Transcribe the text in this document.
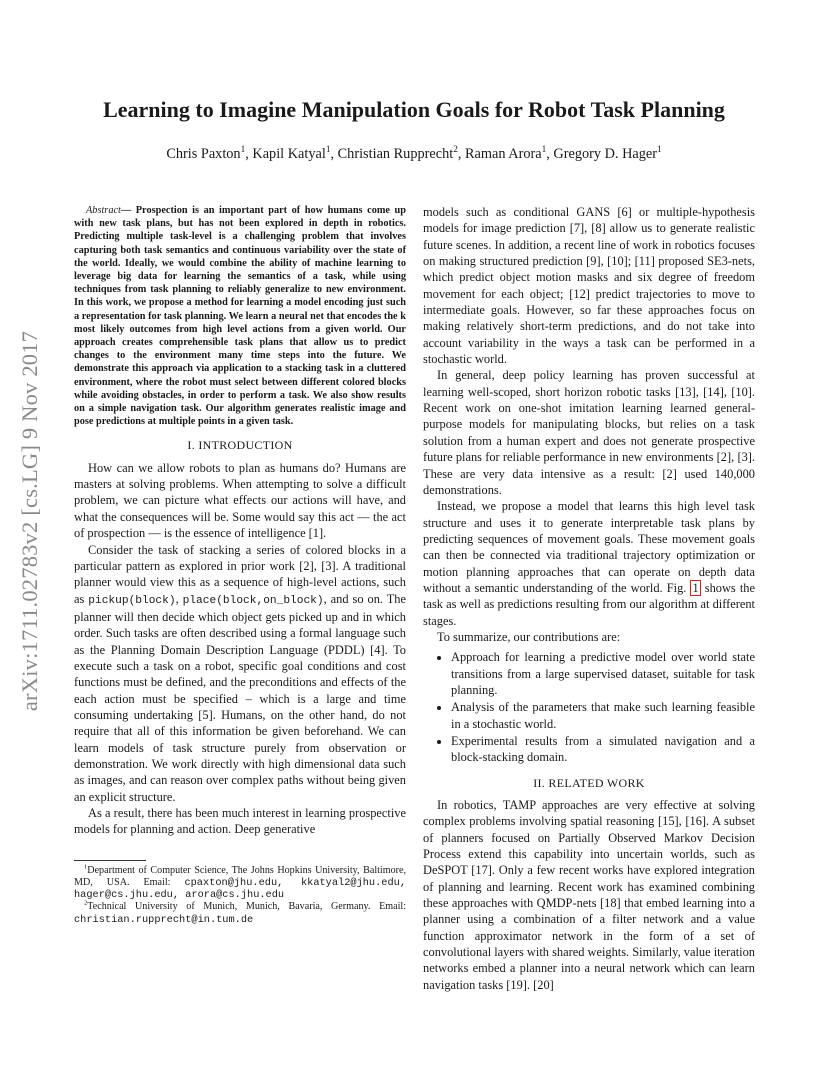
arXiv:1711.02783v2 [cs.LG] 9 Nov 2017
Learning to Imagine Manipulation Goals for Robot Task Planning
Chris Paxton$^1$, Kapil Katyal$^1$, Christian Rupprecht$^2$, Raman Arora$^1$, Gregory D. Hager$^1$

Abstract— Prospection is an important part of how humans come up with new task plans, but has not been explored in depth in robotics. Predicting multiple task-level is a challenging problem that involves capturing both task semantics and continuous variability over the state of the world. Ideally, we would combine the ability of machine learning to leverage big data for learning the semantics of a task, while using techniques from task planning to reliably generalize to new environment. In this work, we propose a method for learning a model encoding just such a representation for task planning. We learn a neural net that encodes the k most likely outcomes from high level actions from a given world. Our approach creates comprehensible task plans that allow us to predict changes to the environment many time steps into the future. We demonstrate this approach via application to a stacking task in a cluttered environment, where the robot must select between different colored blocks while avoiding obstacles, in order to perform a task. We also show results on a simple navigation task. Our algorithm generates realistic image and pose predictions at multiple points in a given task.

I. INTRODUCTION

How can we allow robots to plan as humans do? Humans are masters at solving problems. When attempting to solve a difficult problem, we can picture what effects our actions will have, and what the consequences will be. Some would say this act — the act of prospection — is the essence of intelligence [1].

Consider the task of stacking a series of colored blocks in a particular pattern as explored in prior work [2], [3]. A traditional planner would view this as a sequence of high-level actions, such as pickup(block), place(block,on_block), and so on. The planner will then decide which object gets picked up and in which order. Such tasks are often described using a formal language such as the Planning Domain Description Language (PDDL) [4]. To execute such a task on a robot, specific goal conditions and cost functions must be defined, and the preconditions and effects of the each action must be specified – which is a large and time consuming undertaking [5]. Humans, on the other hand, do not require that all of this information be given beforehand. We can learn models of task structure purely from observation or demonstration. We work directly with high dimensional data such as images, and can reason over complex paths without being given an explicit structure.

As a result, there has been much interest in learning prospective models for planning and action. Deep generative

$^1$Department of Computer Science, The Johns Hopkins University, Baltimore, MD, USA. Email: cpaxton@jhu.edu, kkatyal2@jhu.edu, hager@cs.jhu.edu, arora@cs.jhu.edu

$^2$Technical University of Munich, Munich, Bavaria, Germany. Email: christian.rupprecht@in.tum.de

models such as conditional GANS [6] or multiple-hypothesis models for image prediction [7], [8] allow us to generate realistic future scenes. In addition, a recent line of work in robotics focuses on making structured prediction [9], [10]; [11] proposed SE3-nets, which predict object motion masks and six degree of freedom movement for each object; [12] predict trajectories to move to intermediate goals. However, so far these approaches focus on making relatively short-term predictions, and do not take into account variability in the ways a task can be performed in a stochastic world.

In general, deep policy learning has proven successful at learning well-scoped, short horizon robotic tasks [13], [14], [10]. Recent work on one-shot imitation learning learned general-purpose models for manipulating blocks, but relies on a task solution from a human expert and does not generate prospective future plans for reliable performance in new environments [2], [3]. These are very data intensive as a result: [2] used 140,000 demonstrations.

Instead, we propose a model that learns this high level task structure and uses it to generate interpretable task plans by predicting sequences of movement goals. These movement goals can then be connected via traditional trajectory optimization or motion planning approaches that can operate on depth data without a semantic understanding of the world. Fig. 1 shows the task as well as predictions resulting from our algorithm at different stages.

To summarize, our contributions are:

• Approach for learning a predictive model over world state transitions from a large supervised dataset, suitable for task planning.
• Analysis of the parameters that make such learning feasible in a stochastic world.
• Experimental results from a simulated navigation and a block-stacking domain.
II. RELATED WORK

In robotics, TAMP approaches are very effective at solving complex problems involving spatial reasoning [15], [16]. A subset of planners focused on Partially Observed Markov Decision Process extend this capability into uncertain worlds, such as DeSPOT [17]. Only a few recent works have explored integration of planning and learning. Recent work has examined combining these approaches with QMDP-nets [18] that embed learning into a planner using a combination of a filter network and a value function approximator network in the form of a set of convolutional layers with shared weights. Similarly, value iteration networks embed a planner into a neural network which can learn navigation tasks [19]. [20]
